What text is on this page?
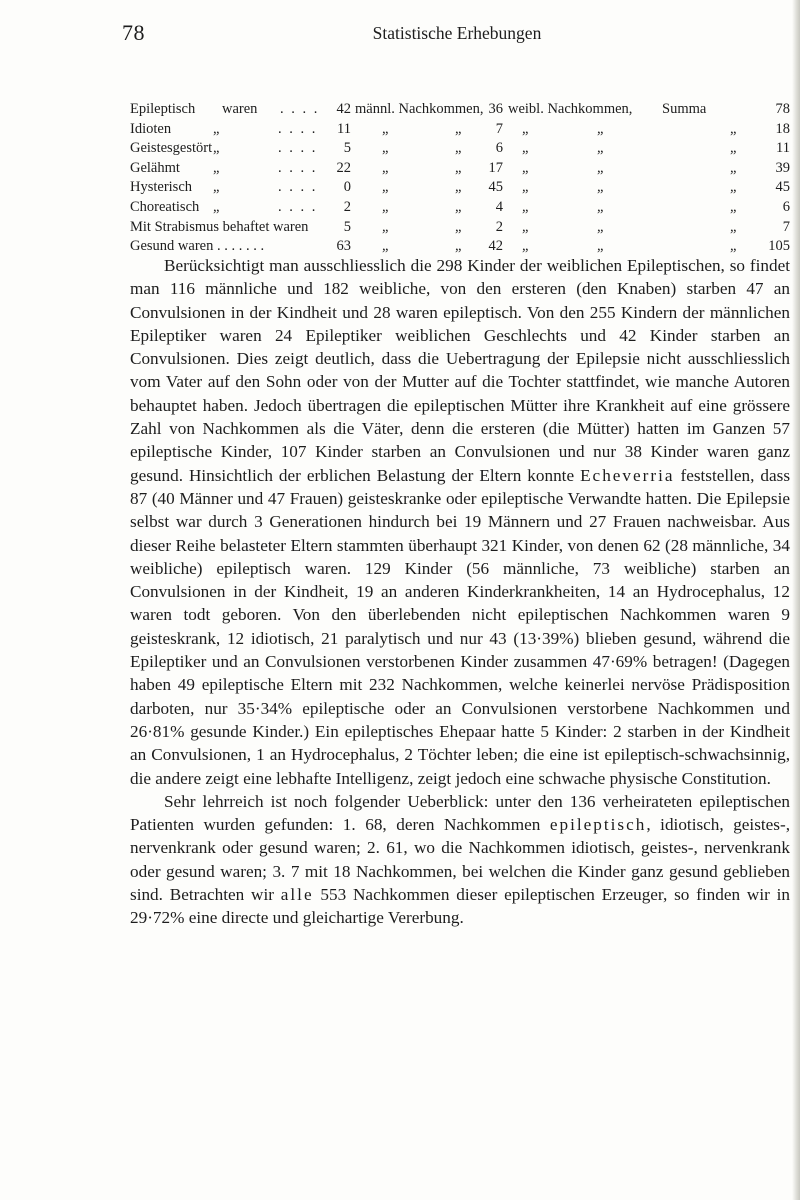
78	Statistische Erhebungen
Epileptisch waren . . . .	42 männl. Nachkommen, 36 weibl. Nachkommen, Summa	78
Idioten	„	. . . .	11 „	„	7 „	„	„	18
Geistesgestört „	. . . .	5 „	„	6 „	„	„	11
Gelähmt „	. . . .	22 „	„	17 „	„	„	39
Hysterisch „	. . . .	0 „	„	45 „	„	„	45
Choreatisch „	. . . .	2 „	„	4 „	„	„	6
Mit Strabismus behaftet waren	5 „	„	2 „	„	„	7
Gesund waren . . . . . . .	63 „	„	42 „	„	„	105

Berücksichtigt man ausschliesslich die 298 Kinder der weiblichen Epileptischen, so findet man 116 männliche und 182 weibliche, von den ersteren (den Knaben) starben 47 an Convulsionen in der Kindheit und 28 waren epileptisch. Von den 255 Kindern der männlichen Epileptiker waren 24 Epileptiker weiblichen Geschlechts und 42 Kinder starben an Convulsionen. Dies zeigt deutlich, dass die Uebertragung der Epilepsie nicht ausschliesslich vom Vater auf den Sohn oder von der Mutter auf die Tochter stattfindet, wie manche Autoren behauptet haben. Jedoch übertragen die epileptischen Mütter ihre Krankheit auf eine grössere Zahl von Nachkommen als die Väter, denn die ersteren (die Mütter) hatten im Ganzen 57 epileptische Kinder, 107 Kinder starben an Convulsionen und nur 38 Kinder waren ganz gesund. Hinsichtlich der erblichen Belastung der Eltern konnte Echeverria feststellen, dass 87 (40 Männer und 47 Frauen) geisteskranke oder epileptische Verwandte hatten. Die Epilepsie selbst war durch 3 Generationen hindurch bei 19 Männern und 27 Frauen nachweisbar. Aus dieser Reihe belasteter Eltern stammten überhaupt 321 Kinder, von denen 62 (28 männliche, 34 weibliche) epileptisch waren. 129 Kinder (56 männliche, 73 weibliche) starben an Convulsionen in der Kindheit, 19 an anderen Kinderkrankheiten, 14 an Hydrocephalus, 12 waren todt geboren. Von den überlebenden nicht epileptischen Nachkommen waren 9 geisteskrank, 12 idiotisch, 21 paralytisch und nur 43 (13·39%) blieben gesund, während die Epileptiker und an Convulsionen verstorbenen Kinder zusammen 47·69% betragen! (Dagegen haben 49 epileptische Eltern mit 232 Nachkommen, welche keinerlei nervöse Prädisposition darboten, nur 35·34% epileptische oder an Convulsionen verstorbene Nachkommen und 26·81% gesunde Kinder.) Ein epileptisches Ehepaar hatte 5 Kinder: 2 starben in der Kindheit an Convulsionen, 1 an Hydrocephalus, 2 Töchter leben; die eine ist epileptisch-schwachsinnig, die andere zeigt eine lebhafte Intelligenz, zeigt jedoch eine schwache physische Constitution.

Sehr lehrreich ist noch folgender Ueberblick: unter den 136 verheirateten epileptischen Patienten wurden gefunden: 1. 68, deren Nachkommen epileptisch, idiotisch, geistes-, nervenkrank oder gesund waren; 2. 61, wo die Nachkommen idiotisch, geistes-, nervenkrank oder gesund waren; 3. 7 mit 18 Nachkommen, bei welchen die Kinder ganz gesund geblieben sind. Betrachten wir alle 553 Nachkommen dieser epileptischen Erzeuger, so finden wir in 29·72% eine directe und gleichartige Vererbung.
